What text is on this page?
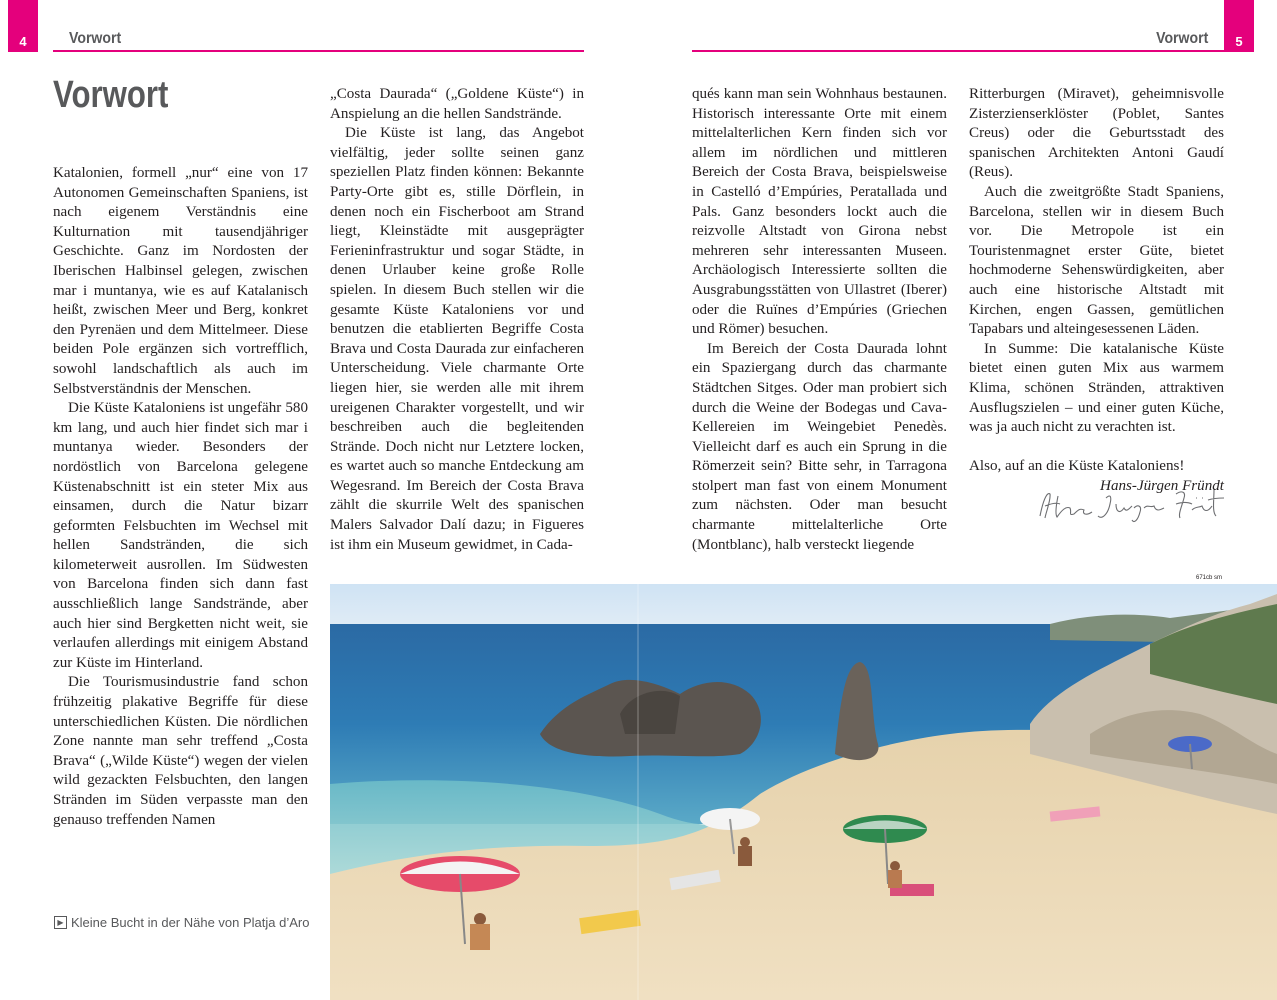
4	5
Vorwort	Vorwort
Vorwort

Katalonien, formell „nur“ eine von 17 Autonomen Gemeinschaften Spaniens, ist nach eigenem Verständnis eine Kulturnation mit tausendjähriger Geschichte. Ganz im Nordosten der Iberischen Halbinsel gelegen, zwischen mar i muntanya, wie es auf Katalanisch heißt, zwischen Meer und Berg, konkret den Pyrenäen und dem Mittelmeer. Diese beiden Pole ergänzen sich vortrefflich, sowohl landschaftlich als auch im Selbstverständnis der Menschen.

Die Küste Kataloniens ist ungefähr 580 km lang, und auch hier findet sich mar i muntanya wieder. Besonders der nordöstlich von Barcelona gelegene Küstenabschnitt ist ein steter Mix aus einsamen, durch die Natur bizarr geformten Felsbuchten im Wechsel mit hellen Sandstränden, die sich kilometerweit ausrollen. Im Südwesten von Barcelona finden sich dann fast ausschließlich lange Sandstrände, aber auch hier sind Bergketten nicht weit, sie verlaufen allerdings mit einigem Abstand zur Küste im Hinterland.

Die Tourismusindustrie fand schon frühzeitig plakative Begriffe für diese unterschiedlichen Küsten. Die nördlichen Zone nannte man sehr treffend „Costa Brava“ („Wilde Küste“) wegen der vielen wild gezackten Felsbuchten, den langen Stränden im Süden verpasste man den genauso treffenden Namen

„Costa Daurada“ („Goldene Küste“) in Anspielung an die hellen Sandstrände.

Die Küste ist lang, das Angebot vielfältig, jeder sollte seinen ganz speziellen Platz finden können: Bekannte Party-Orte gibt es, stille Dörflein, in denen noch ein Fischerboot am Strand liegt, Kleinstädte mit ausgeprägter Ferieninfrastruktur und sogar Städte, in denen Urlauber keine große Rolle spielen. In diesem Buch stellen wir die gesamte Küste Kataloniens vor und benutzen die etablierten Begriffe Costa Brava und Costa Daurada zur einfacheren Unterscheidung. Viele charmante Orte liegen hier, sie werden alle mit ihrem ureigenen Charakter vorgestellt, und wir beschreiben auch die begleitenden Strände. Doch nicht nur Letztere locken, es wartet auch so manche Entdeckung am Wegesrand. Im Bereich der Costa Brava zählt die skurrile Welt des spanischen Malers Salvador Dalí dazu; in Figueres ist ihm ein Museum gewidmet, in Cada-

qués kann man sein Wohnhaus bestaunen. Historisch interessante Orte mit einem mittelalterlichen Kern finden sich vor allem im nördlichen und mittleren Bereich der Costa Brava, beispielsweise in Castelló d’Empúries, Peratallada und Pals. Ganz besonders lockt auch die reizvolle Altstadt von Girona nebst mehreren sehr interessanten Museen. Archäologisch Interessierte sollten die Ausgrabungsstätten von Ullastret (Iberer) oder die Ruïnes d’Empúries (Griechen und Römer) besuchen.

Im Bereich der Costa Daurada lohnt ein Spaziergang durch das charmante Städtchen Sitges. Oder man probiert sich durch die Weine der Bodegas und Cava-Kellereien im Weingebiet Penedès. Vielleicht darf es auch ein Sprung in die Römerzeit sein? Bitte sehr, in Tarragona stolpert man fast von einem Monument zum nächsten. Oder man besucht charmante mittelalterliche Orte (Montblanc), halb versteckt liegende

Ritterburgen (Miravet), geheimnisvolle Zisterzienserklöster (Poblet, Santes Creus) oder die Geburtsstadt des spanischen Architekten Antoni Gaudí (Reus).

Auch die zweitgrößte Stadt Spaniens, Barcelona, stellen wir in diesem Buch vor. Die Metropole ist ein Touristenmagnet erster Güte, bietet hochmoderne Sehenswürdigkeiten, aber auch eine historische Altstadt mit Kirchen, engen Gassen, gemütlichen Tapabars und alteingesessenen Läden.

In Summe: Die katalanische Küste bietet einen guten Mix aus warmem Klima, schönen Stränden, attraktiven Ausflugszielen – und einer guten Küche, was ja auch nicht zu verachten ist.

Also, auf an die Küste Kataloniens!

Hans-Jürgen Fründt

▶ Kleine Bucht in der Nähe von Platja d’Aro
671cb sm
